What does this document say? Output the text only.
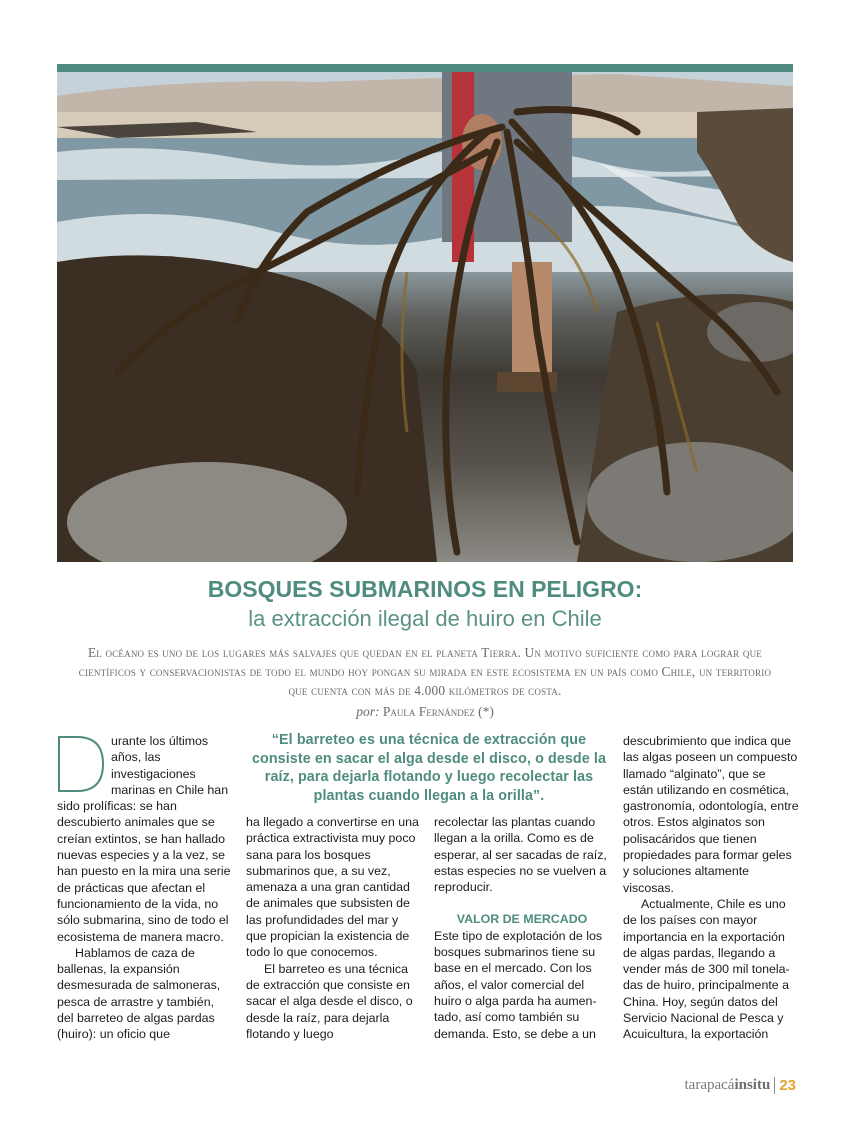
BOSQUES SUBMARINOS EN PELIGRO:
la extracción ilegal de huiro en Chile
El océano es uno de los lugares más salvajes que quedan en el planeta Tierra. Un motivo suficiente como para lograr que científicos y conservacionistas de todo el mundo hoy pongan su mirada en este ecosistema en un país como Chile, un territorio que cuenta con más de 4.000 kilómetros de costa.
por: Paula Fernández (*)

urante los últimos años, las investigaciones marinas en Chile han sido prolíficas: se han descubierto animales que se creían extintos, se han hallado nuevas especies y a la vez, se han puesto en la mira una serie de prácticas que afectan el funcionamiento de la vida, no sólo submarina, sino de todo el ecosistema de manera macro.

Hablamos de caza de ballenas, la expansión desmesurada de salmoneras, pesca de arrastre y también, del barreteo de algas pardas (huiro): un oficio que

“El barreteo es una técnica de extracción que consiste en sacar el alga desde el disco, o desde la raíz, para dejarla flotando y luego recolectar las plantas cuando llegan a la orilla”.

ha llegado a convertirse en una práctica extractivista muy poco sana para los bosques submarinos que, a su vez, amenaza a una gran cantidad de animales que subsisten de las profundidades del mar y que propician la existencia de todo lo que conocemos.

El barreteo es una técnica de extracción que consiste en sacar el alga desde el disco, o desde la raíz, para dejarla flotando y luego

recolectar las plantas cuando llegan a la orilla. Como es de esperar, al ser sacadas de raíz, estas especies no se vuelven a reproducir.

VALOR DE MERCADO

Este tipo de explotación de los bosques submarinos tiene su base en el mercado. Con los años, el valor comercial del huiro o alga parda ha aumen-tado, así como también su demanda. Esto, se debe a un

descubrimiento que indica que las algas poseen un compuesto llamado “alginato”, que se están utilizando en cosmética, gastronomía, odontología, entre otros. Estos alginatos son polisacáridos que tienen propiedades para formar geles y soluciones altamente viscosas.

Actualmente, Chile es uno de los países con mayor importancia en la exportación de algas pardas, llegando a vender más de 300 mil tonela-das de huiro, principalmente a China. Hoy, según datos del Servicio Nacional de Pesca y Acuicultura, la exportación

tarapacáinsitu 23
